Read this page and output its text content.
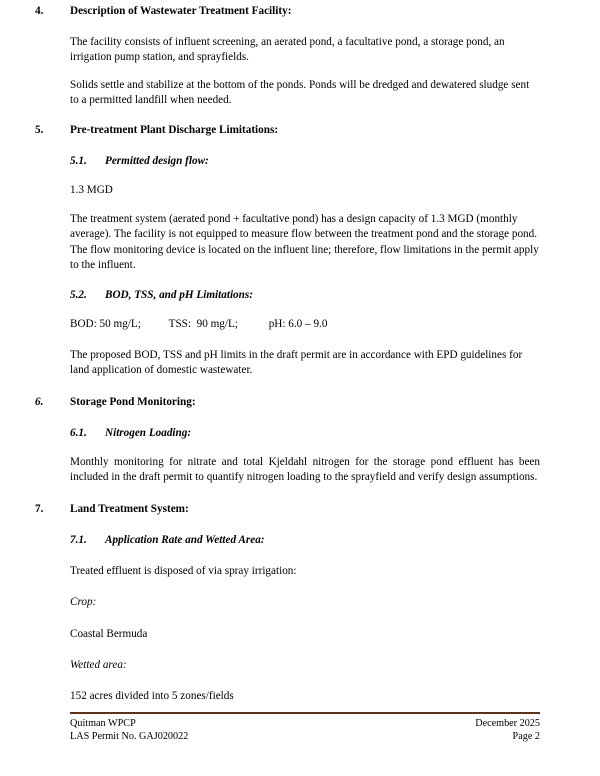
4. Description of Wastewater Treatment Facility:

The facility consists of influent screening, an aerated pond, a facultative pond, a storage pond, an irrigation pump station, and sprayfields.

Solids settle and stabilize at the bottom of the ponds. Ponds will be dredged and dewatered sludge sent to a permitted landfill when needed.

5. Pre-treatment Plant Discharge Limitations:
5.1. Permitted design flow:

1.3 MGD

The treatment system (aerated pond + facultative pond) has a design capacity of 1.3 MGD (monthly average). The facility is not equipped to measure flow between the treatment pond and the storage pond. The flow monitoring device is located on the influent line; therefore, flow limitations in the permit apply to the influent.

5.2. BOD, TSS, and pH Limitations:

BOD: 50 mg/L;          TSS:  90 mg/L;           pH: 6.0 – 9.0

The proposed BOD, TSS and pH limits in the draft permit are in accordance with EPD guidelines for land application of domestic wastewater.

6. Storage Pond Monitoring:
6.1. Nitrogen Loading:

Monthly monitoring for nitrate and total Kjeldahl nitrogen for the storage pond effluent has been included in the draft permit to quantify nitrogen loading to the sprayfield and verify design assumptions.

7. Land Treatment System:
7.1. Application Rate and Wetted Area:

Treated effluent is disposed of via spray irrigation:

Crop:

Coastal Bermuda

Wetted area:

152 acres divided into 5 zones/fields

Quitman WPCP
LAS Permit No. GAJ020022
December 2025
Page 2
